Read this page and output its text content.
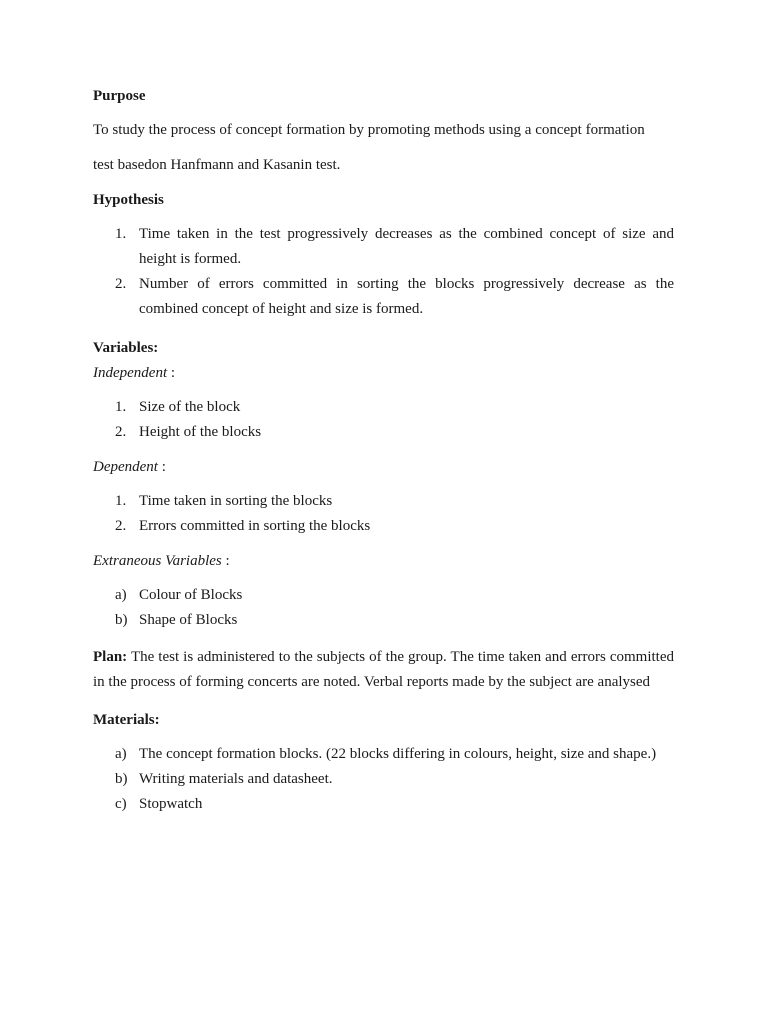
Purpose

To study the process of concept formation by promoting methods using a concept formation

test basedon Hanfmann and Kasanin test.

Hypothesis

1. Time taken in the test progressively decreases as the combined concept of size and height is formed.
2. Number of errors committed in sorting the blocks progressively decrease as the combined concept of height and size is formed.

Variables:

Independent :

1. Size of the block
2. Height of the blocks

Dependent :

1. Time taken in sorting the blocks
2. Errors committed in sorting the blocks

Extraneous Variables :

a) Colour of Blocks
b) Shape of Blocks

Plan: The test is administered to the subjects of the group. The time taken and errors committed in the process of forming concerts are noted. Verbal reports made by the subject are analysed

Materials:

a) The concept formation blocks. (22 blocks differing in colours, height, size and shape.)
b) Writing materials and datasheet.
c) Stopwatch
